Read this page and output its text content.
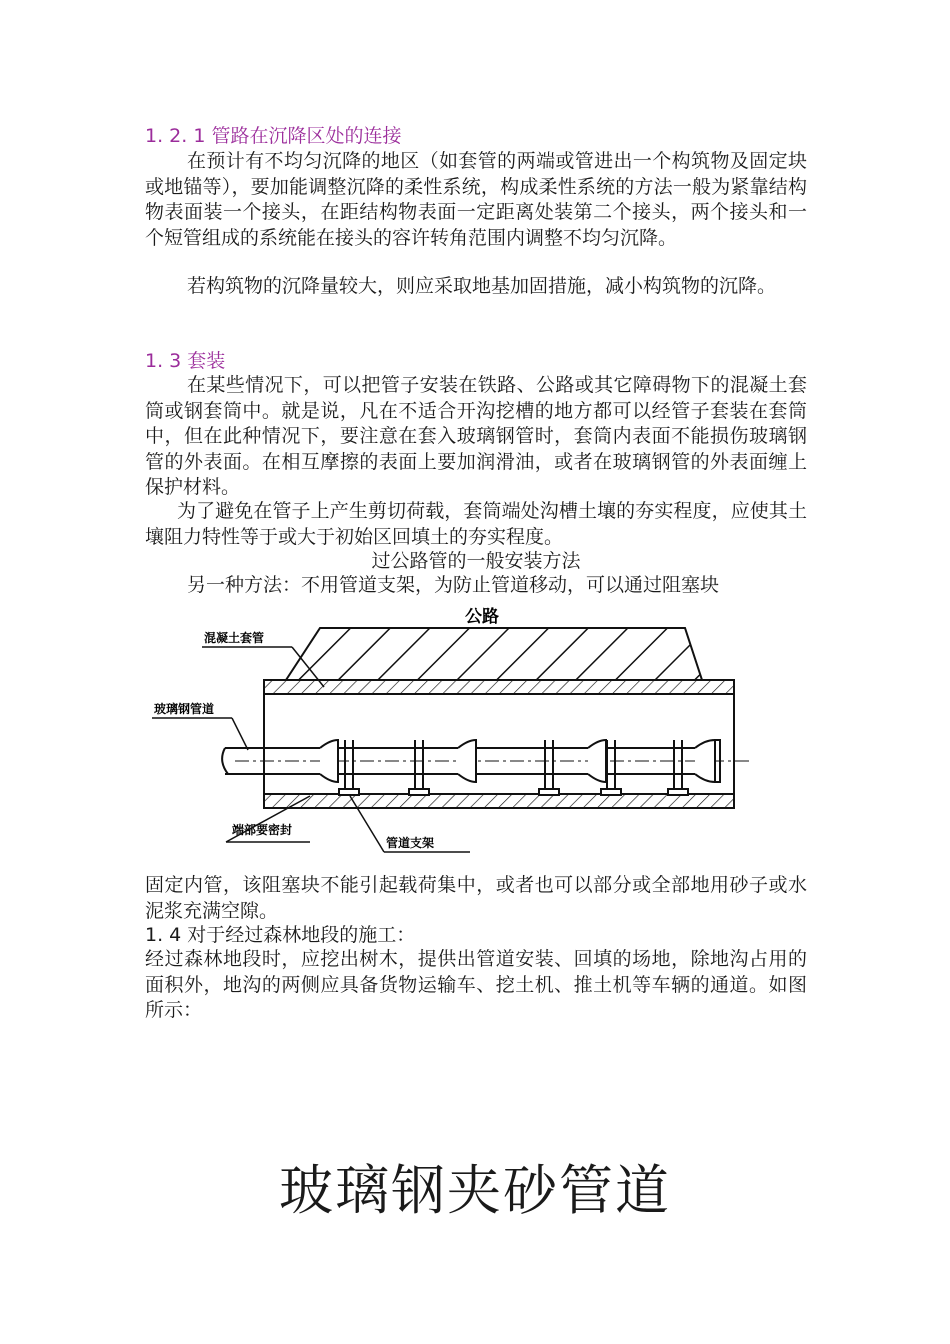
1. 2. 1 管路在沉降区处的连接
在预计有不均匀沉降的地区（如套管的两端或管进出一个构筑物及固定块或地锚等），要加能调整沉降的柔性系统，构成柔性系统的方法一般为紧靠结构物表面装一个接头，在距结构物表面一定距离处装第二个接头，两个接头和一个短管组成的系统能在接头的容许转角范围内调整不均匀沉降。
若构筑物的沉降量较大，则应采取地基加固措施，减小构筑物的沉降。
1. 3 套装
在某些情况下，可以把管子安装在铁路、公路或其它障碍物下的混凝土套筒或钢套筒中。就是说，凡在不适合开沟挖槽的地方都可以经管子套装在套筒中，但在此种情况下，要注意在套入玻璃钢管时，套筒内表面不能损伤玻璃钢管的外表面。在相互摩擦的表面上要加润滑油，或者在玻璃钢管的外表面缠上保护材料。
为了避免在管子上产生剪切荷载，套筒端处沟槽土壤的夯实程度，应使其土壤阻力特性等于或大于初始区回填土的夯实程度。
过公路管的一般安装方法
另一种方法：不用管道支架，为防止管道移动，可以通过阻塞块
公路
混凝土套管
玻璃钢管道
端部要密封
管道支架
固定内管，该阻塞块不能引起载荷集中，或者也可以部分或全部地用砂子或水泥浆充满空隙。
1. 4 对于经过森林地段的施工：
经过森林地段时，应挖出树木，提供出管道安装、回填的场地，除地沟占用的面积外，地沟的两侧应具备货物运输车、挖土机、推土机等车辆的通道。如图所示：
玻璃钢夹砂管道
